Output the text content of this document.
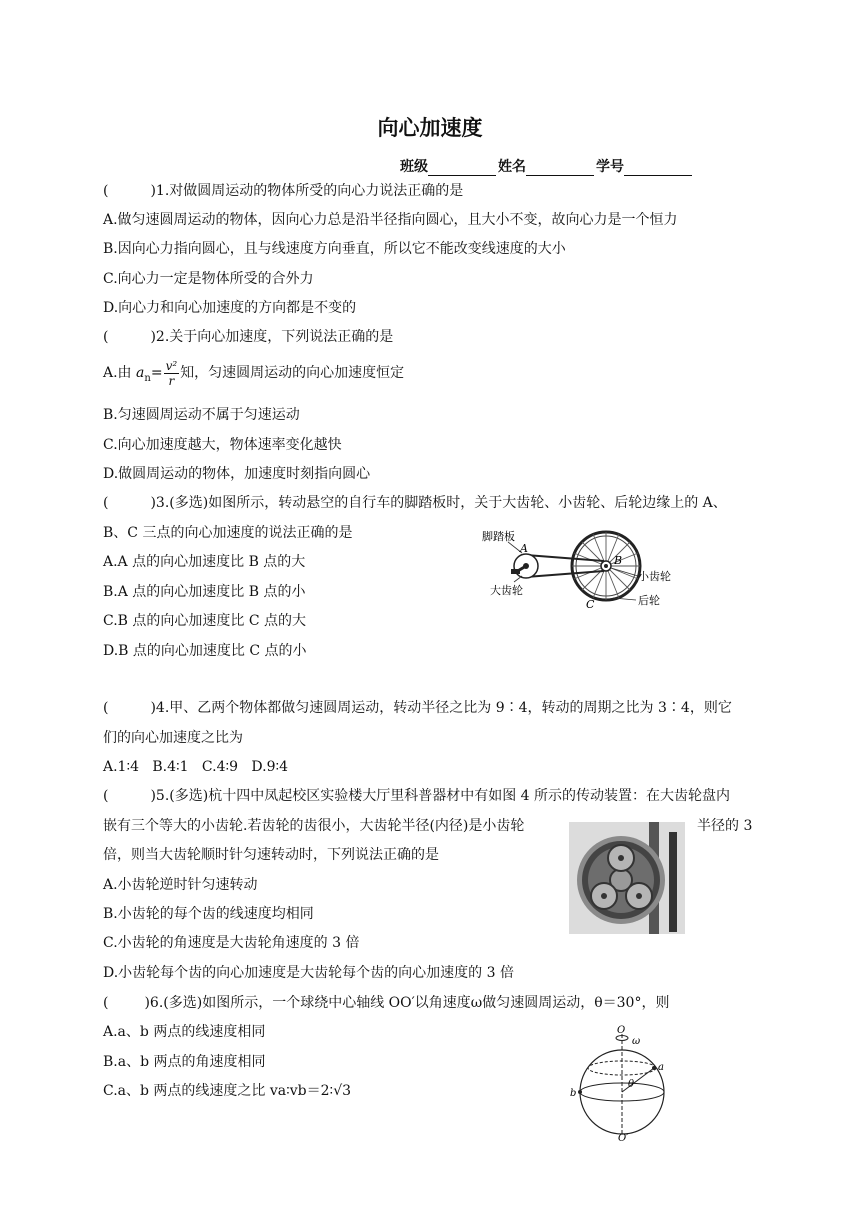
向心加速度
班级	姓名	学号
(	)1.对做圆周运动的物体所受的向心力说法正确的是
A.做匀速圆周运动的物体，因向心力总是沿半径指向圆心，且大小不变，故向心力是一个恒力
B.因向心力指向圆心，且与线速度方向垂直，所以它不能改变线速度的大小
C.向心力一定是物体所受的合外力
D.向心力和向心加速度的方向都是不变的
(	)2.关于向心加速度，下列说法正确的是
A.由 $a_n= \frac{\text{v²}}{r}$ 知，匀速圆周运动的向心加速度恒定
B.匀速圆周运动不属于匀速运动
C.向心加速度越大，物体速率变化越快
D.做圆周运动的物体，加速度时刻指向圆心
(	)3.(多选)如图所示，转动悬空的自行车的脚踏板时，关于大齿轮、小齿轮、后轮边缘上的 A、
B、C 三点的向心加速度的说法正确的是
A.A 点的向心加速度比 B 点的大
B.A 点的向心加速度比 B 点的小
C.B 点的向心加速度比 C 点的大
D.B 点的向心加速度比 C 点的小
脚踏板
A
大齿轮
B
小齿轮
C	后轮
(	)4.甲、乙两个物体都做匀速圆周运动，转动半径之比为 9∶4，转动的周期之比为 3∶4，则它
们的向心加速度之比为
A.1∶4   B.4∶1   C.4∶9   D.9∶4
(	)5.(多选)杭十四中凤起校区实验楼大厅里科普器材中有如图 4 所示的传动装置：在大齿轮盘内
嵌有三个等大的小齿轮.若齿轮的齿很小，大齿轮半径(内径)是小齿轮	半径的 3
倍，则当大齿轮顺时针匀速转动时，下列说法正确的是
A.小齿轮逆时针匀速转动
B.小齿轮的每个齿的线速度均相同
C.小齿轮的角速度是大齿轮角速度的 3 倍
D.小齿轮每个齿的向心加速度是大齿轮每个齿的向心加速度的 3 倍
(	)6.(多选)如图所示，一个球绕中心轴线 OO′以角速度ω做匀速圆周运动，θ＝30°，则
A.a、b 两点的线速度相同
B.a、b 两点的角速度相同
C.a、b 两点的线速度之比 va∶vb＝2∶√3
O
ω
a
b
θ
O′
